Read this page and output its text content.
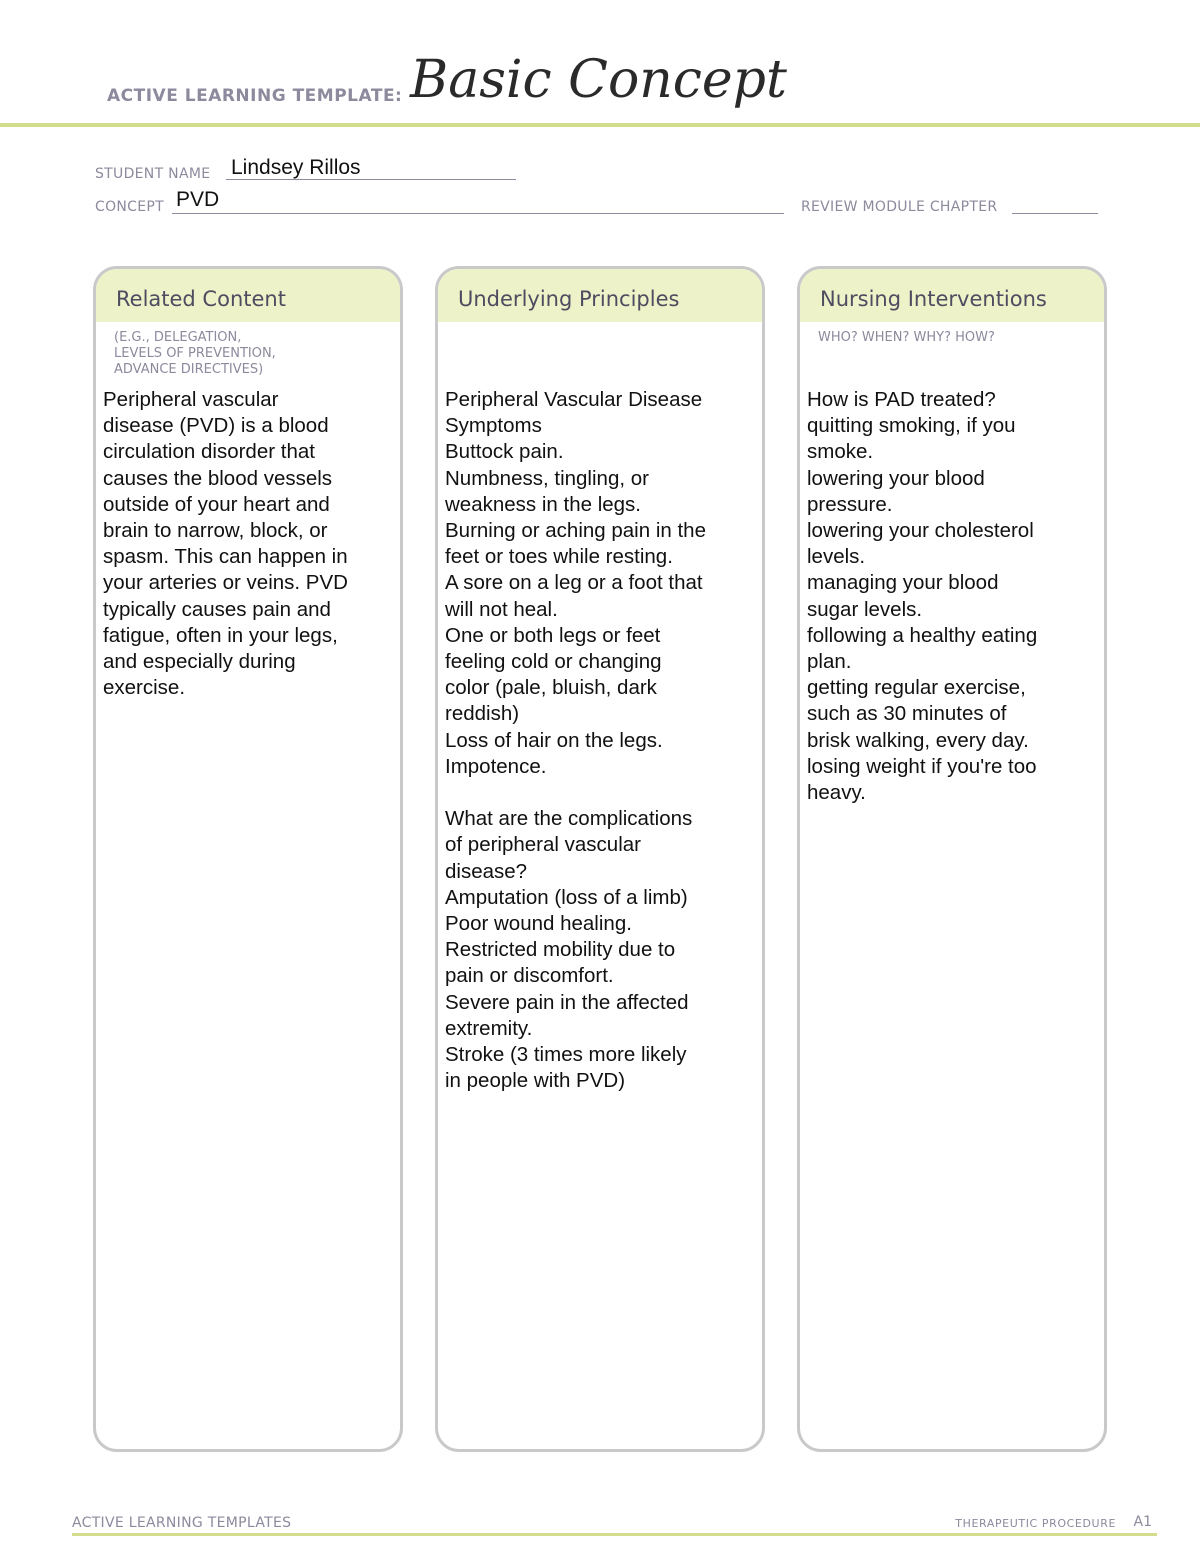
ACTIVE LEARNING TEMPLATE: Basic Concept
STUDENT NAME Lindsey Rillos
CONCEPT PVD	REVIEW MODULE CHAPTER
Related Content
(E.G., DELEGATION,
LEVELS OF PREVENTION,
ADVANCE DIRECTIVES)
Peripheral vascular
disease (PVD) is a blood
circulation disorder that
causes the blood vessels
outside of your heart and
brain to narrow, block, or
spasm. This can happen in
your arteries or veins. PVD
typically causes pain and
fatigue, often in your legs,
and especially during
exercise.
Underlying Principles
Peripheral Vascular Disease
Symptoms
Buttock pain.
Numbness, tingling, or
weakness in the legs.
Burning or aching pain in the
feet or toes while resting.
A sore on a leg or a foot that
will not heal.
One or both legs or feet
feeling cold or changing
color (pale, bluish, dark
reddish)
Loss of hair on the legs.
Impotence.
What are the complications
of peripheral vascular
disease?
Amputation (loss of a limb)
Poor wound healing.
Restricted mobility due to
pain or discomfort.
Severe pain in the affected
extremity.
Stroke (3 times more likely
in people with PVD)
Nursing Interventions
WHO? WHEN? WHY? HOW?
How is PAD treated?
quitting smoking, if you
smoke.
lowering your blood
pressure.
lowering your cholesterol
levels.
managing your blood
sugar levels.
following a healthy eating
plan.
getting regular exercise,
such as 30 minutes of
brisk walking, every day.
losing weight if you're too
heavy.
ACTIVE LEARNING TEMPLATES	THERAPEUTIC PROCEDURE A1
